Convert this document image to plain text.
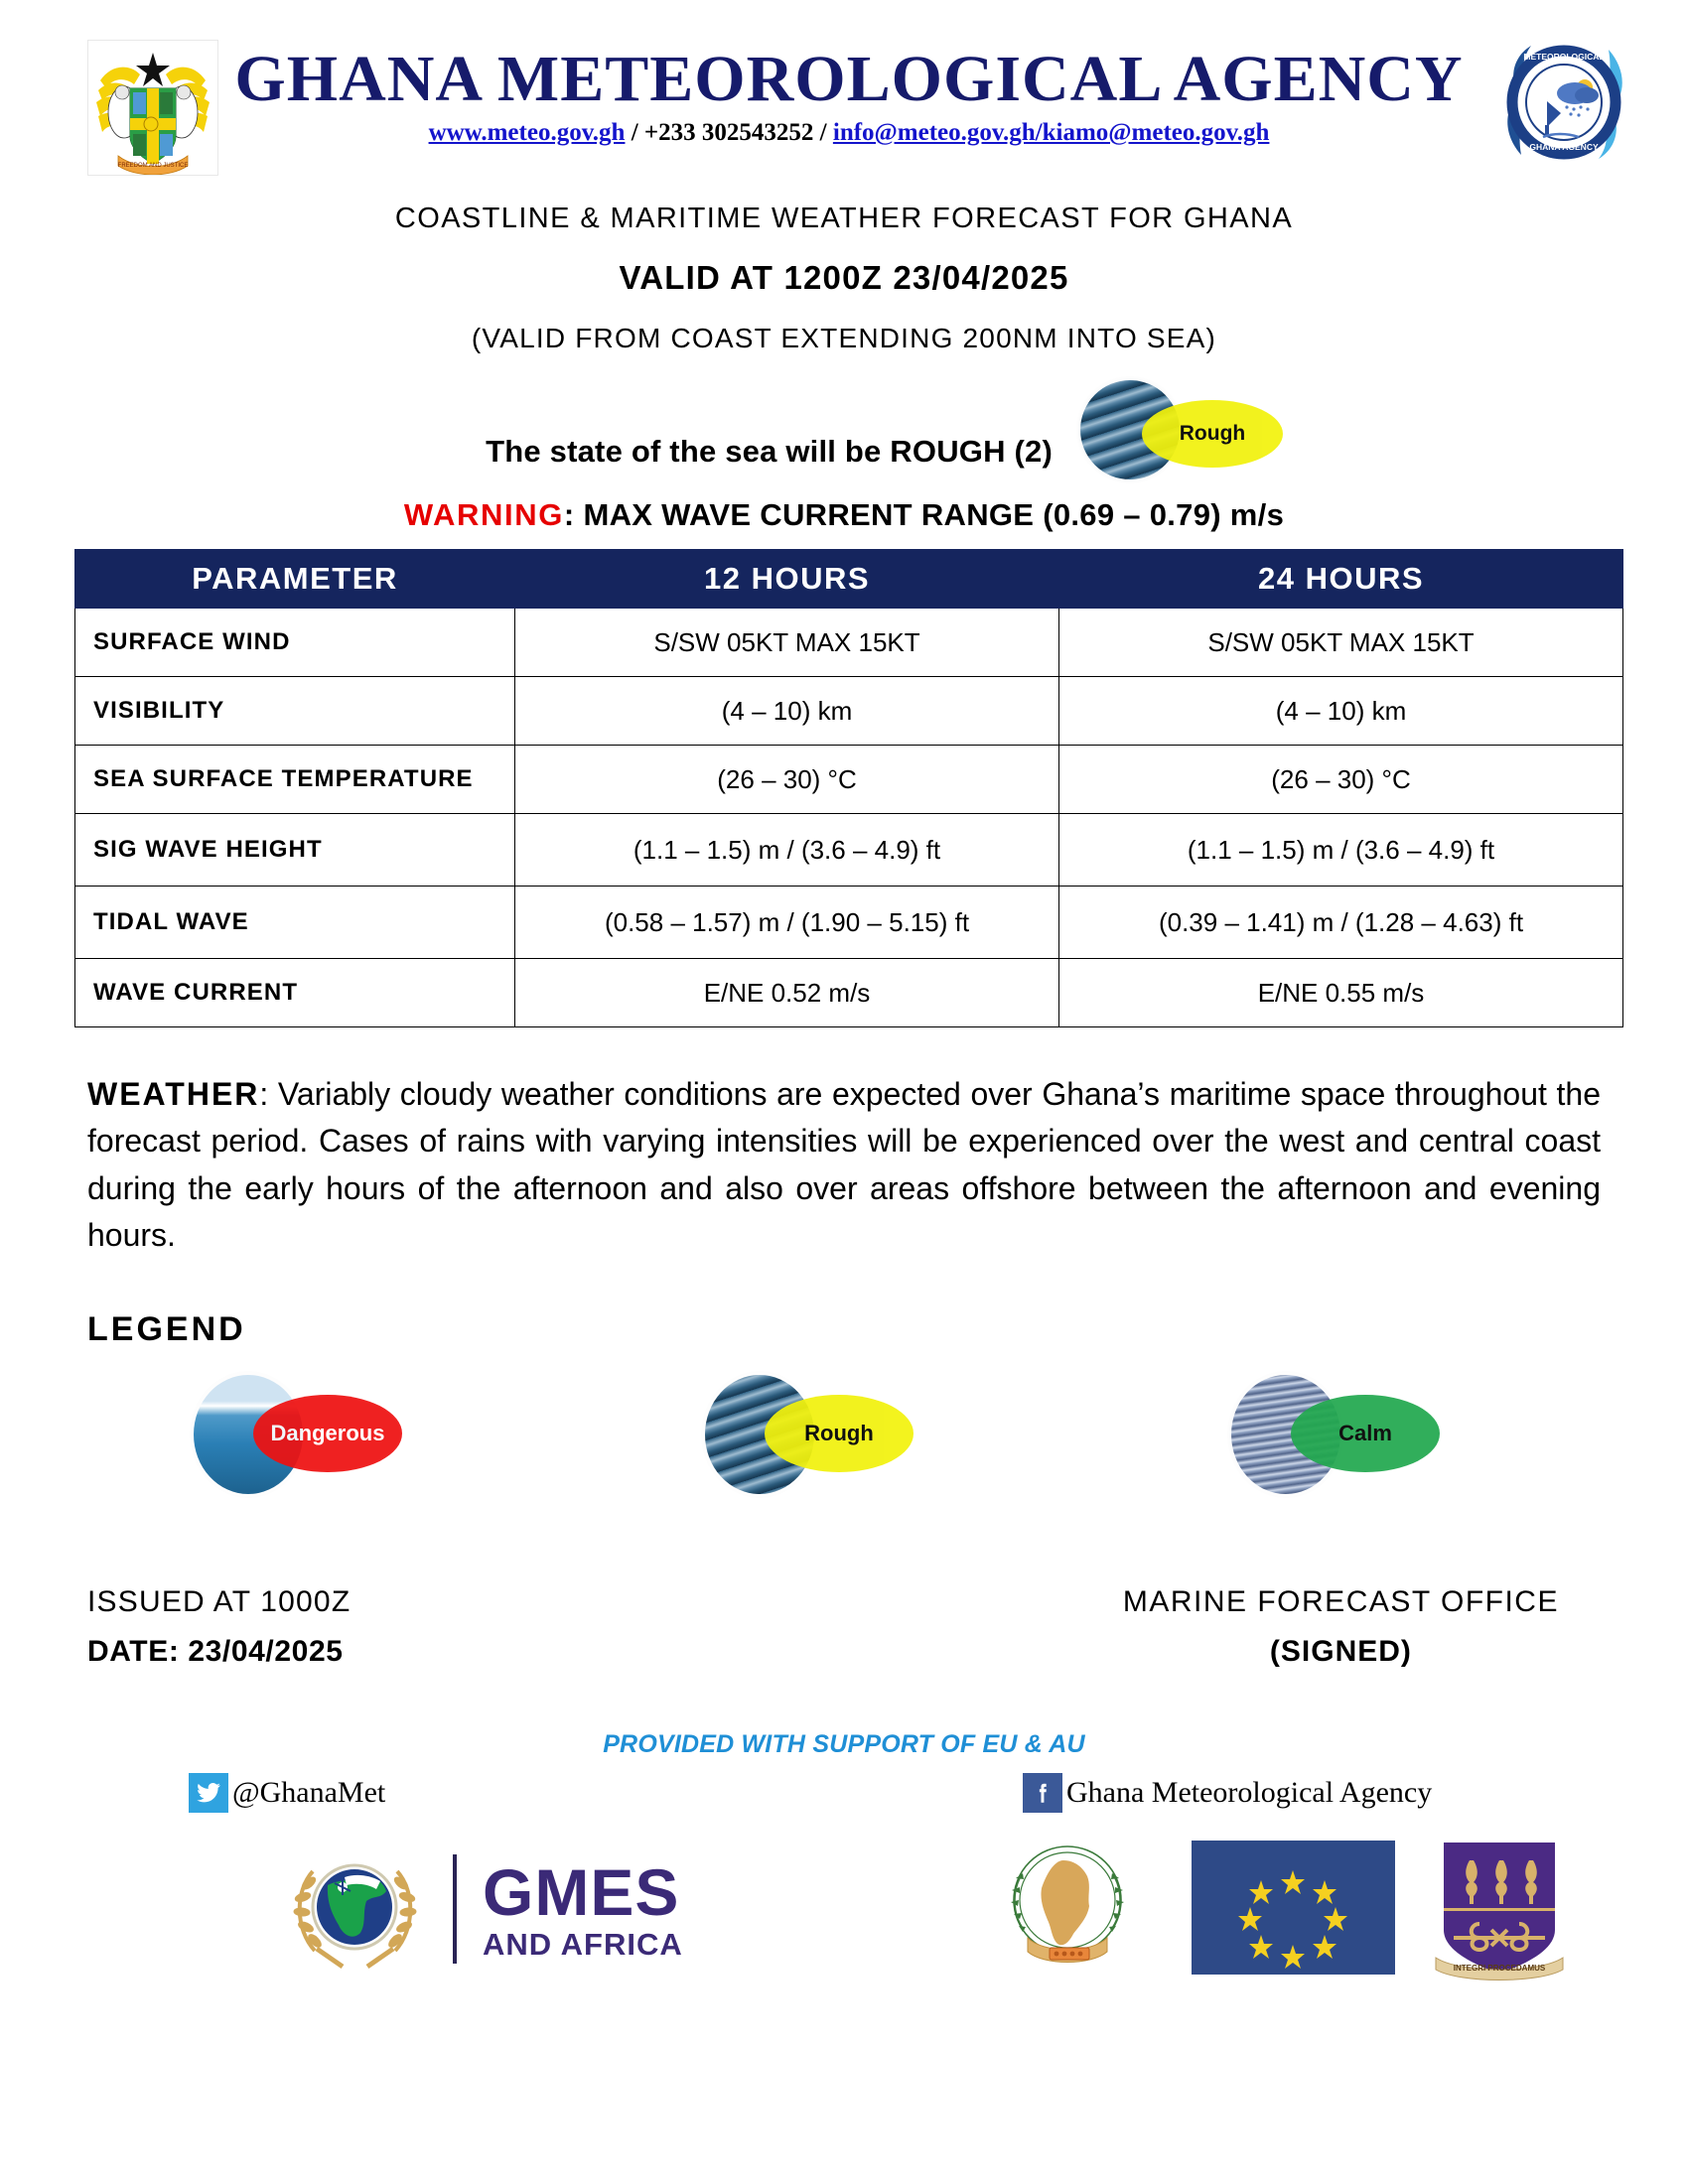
FREEDOM AND JUSTICE
GHANA METEOROLOGICAL AGENCY
www.meteo.gov.gh / +233 302543252 / info@meteo.gov.gh/kiamo@meteo.gov.gh
METEOROLOGICAL
GHANA AGENCY
COASTLINE & MARITIME WEATHER FORECAST FOR GHANA
VALID AT 1200Z 23/04/2025
(VALID FROM COAST EXTENDING 200NM INTO SEA)
The state of the sea will be ROUGH (2)
Rough
WARNING: MAX WAVE CURRENT RANGE (0.69 – 0.79) m/s
PARAMETER	12 HOURS	24 HOURS
SURFACE WIND	S/SW 05KT MAX 15KT	S/SW 05KT MAX 15KT
VISIBILITY	(4 – 10) km	(4 – 10) km
SEA SURFACE TEMPERATURE	(26 – 30) °C	(26 – 30) °C
SIG WAVE HEIGHT	(1.1 – 1.5) m / (3.6 – 4.9) ft	(1.1 – 1.5) m / (3.6 – 4.9) ft
TIDAL WAVE	(0.58 – 1.57) m / (1.90 – 5.15) ft	(0.39 – 1.41) m / (1.28 – 4.63) ft
WAVE CURRENT	E/NE 0.52 m/s	E/NE 0.55 m/s
WEATHER: Variably cloudy weather conditions are expected over Ghana’s maritime space throughout the forecast period. Cases of rains with varying intensities will be experienced over the west and central coast during the early hours of the afternoon and also over areas offshore between the afternoon and evening hours.
LEGEND
Dangerous	Rough	Calm
ISSUED AT 1000Z
DATE: 23/04/2025
MARINE FORECAST OFFICE
(SIGNED)
PROVIDED WITH SUPPORT OF EU & AU
@GhanaMet	Ghana Meteorological Agency
GMES
AND AFRICA
INTEGRI PROCEDAMUS
